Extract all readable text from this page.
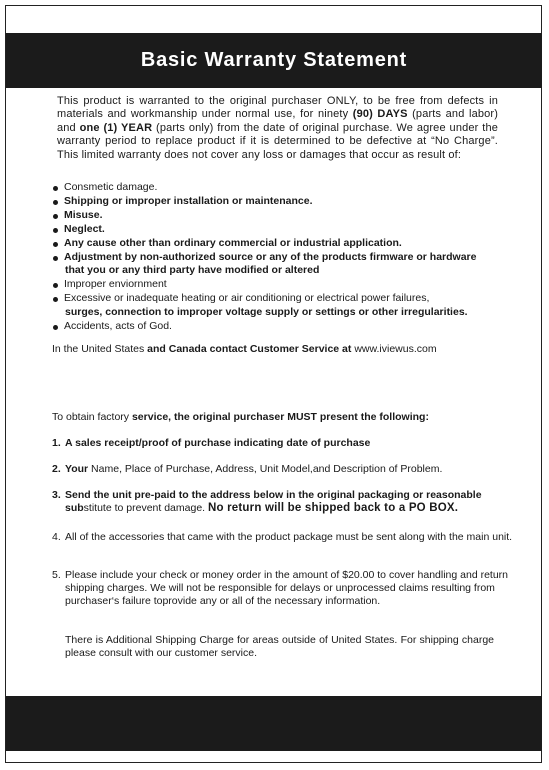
Basic Warranty Statement
This product is warranted to the original purchaser ONLY, to be free from defects in materials and workmanship under normal use, for ninety (90) DAYS (parts and labor) and one (1) YEAR (parts only) from the date of original purchase. We agree under the warranty period to replace product if it is determined to be defective at “No Charge”. This limited warranty does not cover any loss or damages that occur as result of:
Consmetic damage.
Shipping or improper installation or maintenance.
Misuse.
Neglect.
Any cause other than ordinary commercial or industrial application.
Adjustment by non-authorized source or any of the products firmware or hardware
that you or any third party have modified or altered
Improper enviornment
Excessive or inadequate heating or air conditioning or electrical power failures,
surges, connection to improper voltage supply or settings or other irregularities.
Accidents, acts of God.
In the United States and Canada contact Customer Service at www.iviewus.com
To obtain factory service, the original purchaser MUST present the following:
1. A sales receipt/proof of purchase indicating date of purchase
2. Your Name, Place of Purchase, Address, Unit Model,and Description of Problem.
3. Send the unit pre-paid to the address below in the original packaging or reasonable substitute to prevent damage. No return will be shipped back to a PO BOX.
4. All of the accessories that came with the product package must be sent along with the main unit.
5. Please include your check or money order in the amount of $20.00 to cover handling and return shipping charges. We will not be responsible for delays or unprocessed claims resulting from purchaser‘s failure toprovide any or all of the necessary information.
There is Additional Shipping Charge for areas outside of United States. For shipping charge please consult with our customer service.
